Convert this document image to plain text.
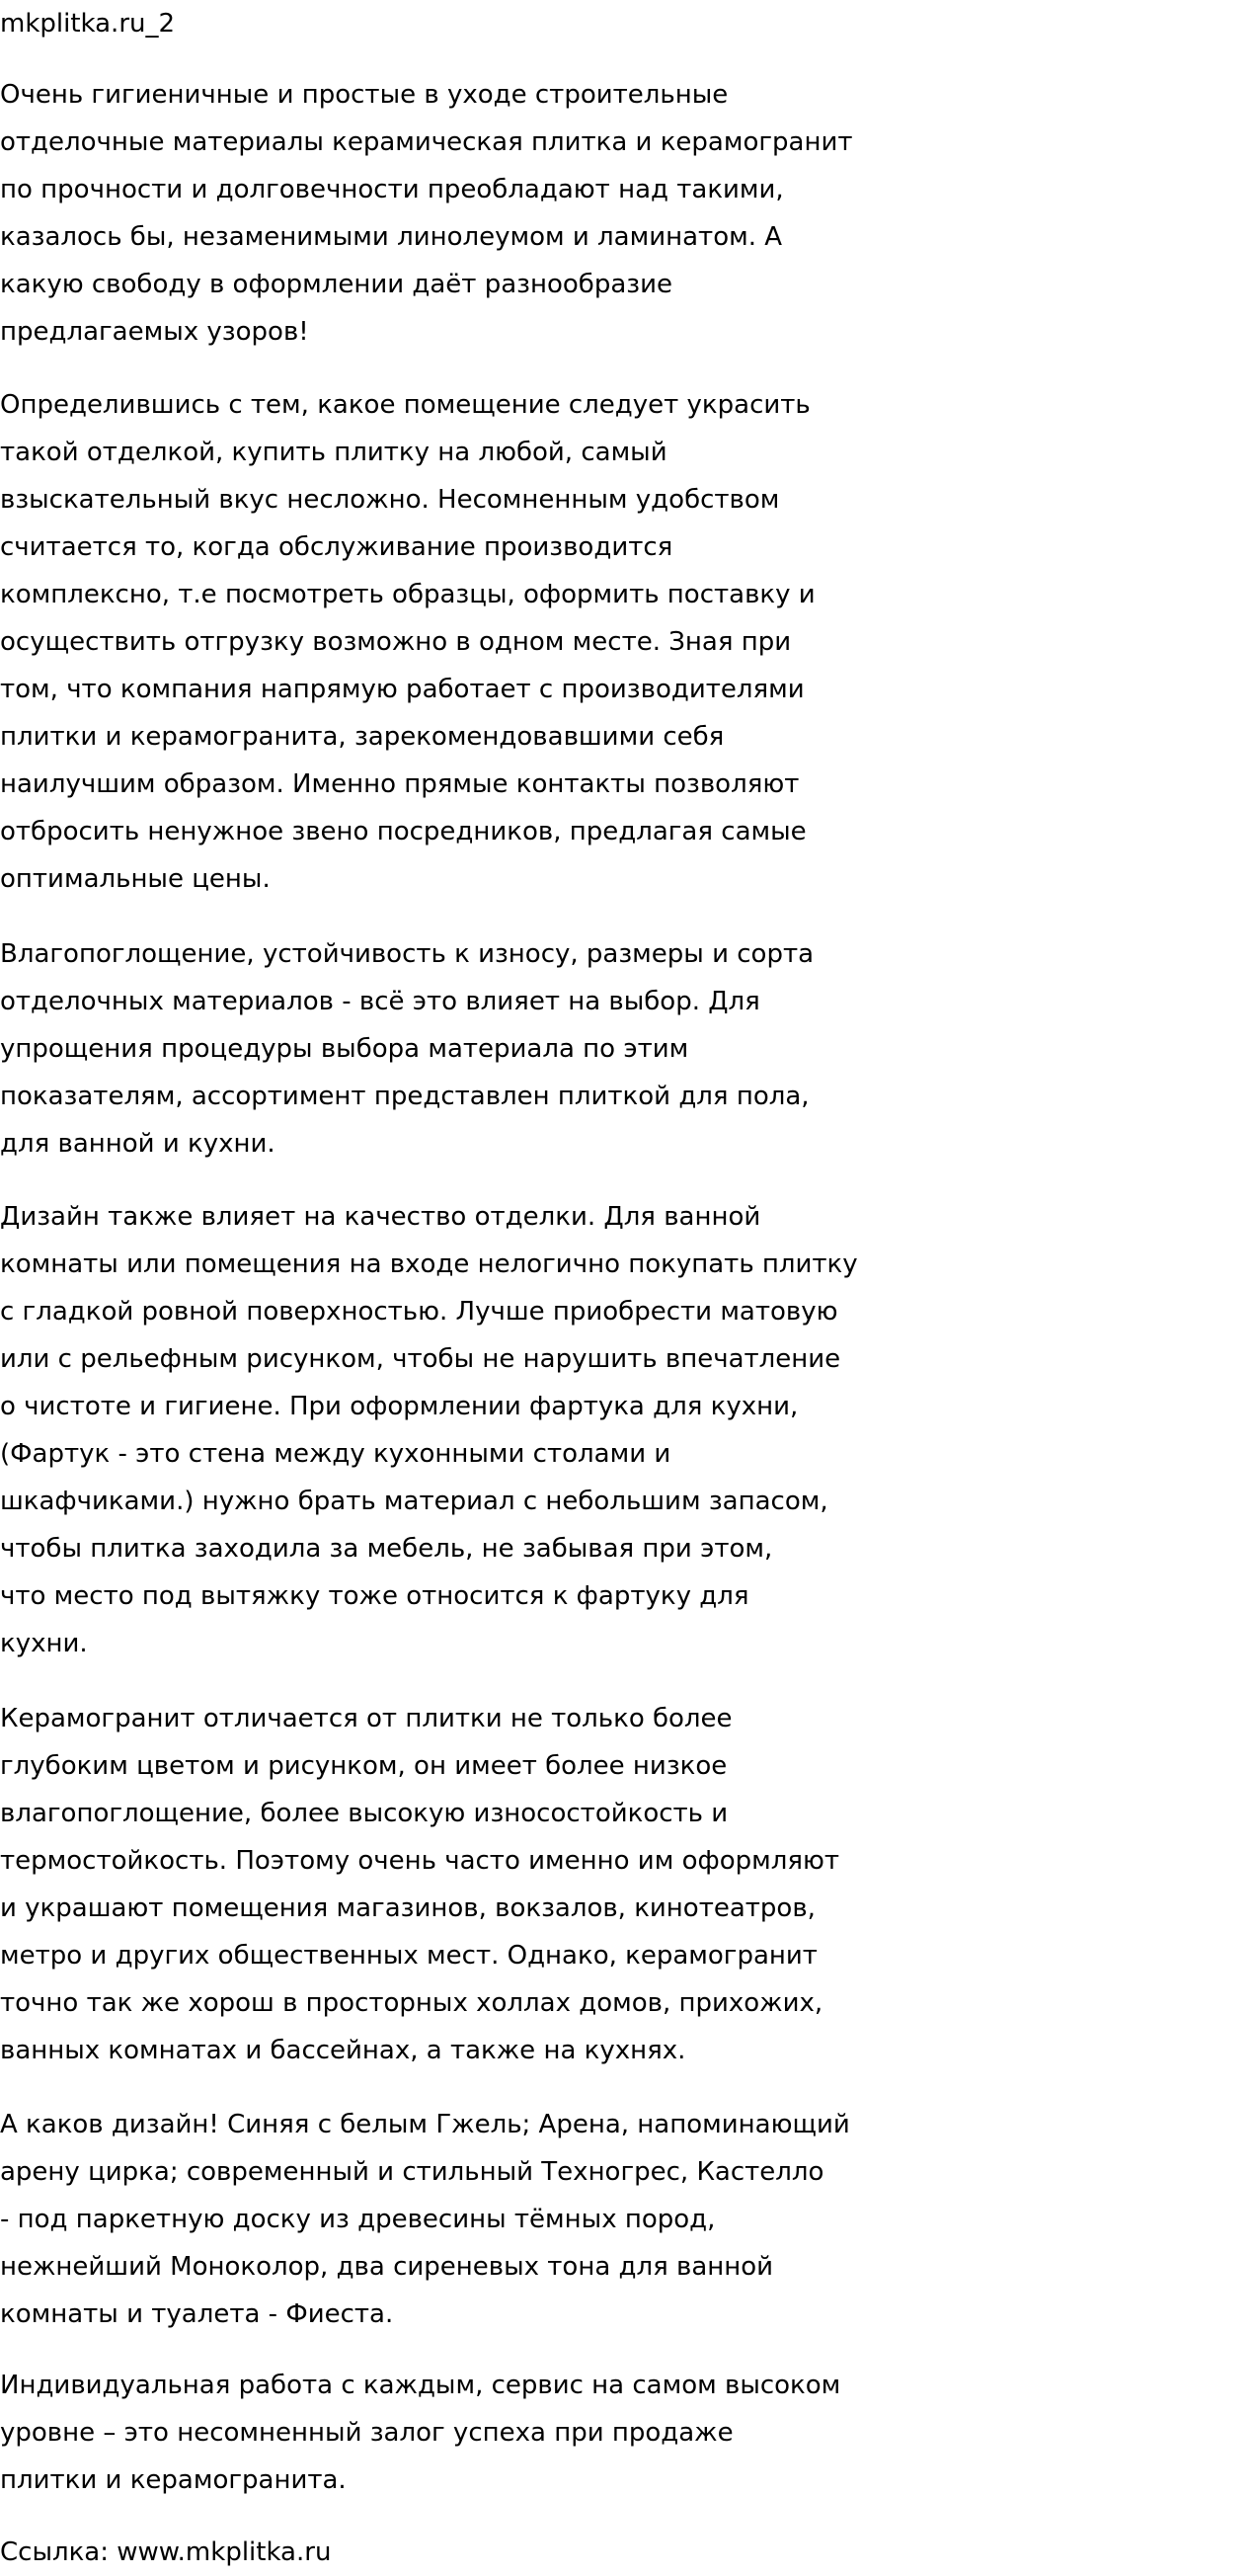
mkplitka.ru_2
Очень гигиеничные и простые в уходе строительные
отделочные материалы керамическая плитка и керамогранит
по прочности и долговечности преобладают над такими,
казалось бы, незаменимыми линолеумом и ламинатом. А
какую свободу в оформлении даёт разнообразие
предлагаемых узоров!
Определившись с тем, какое помещение следует украсить
такой отделкой, купить плитку на любой, самый
взыскательный вкус несложно. Несомненным удобством
считается то, когда обслуживание производится
комплексно, т.е посмотреть образцы, оформить поставку и
осуществить отгрузку возможно в одном месте. Зная при
том, что компания напрямую работает с производителями
плитки и керамогранита, зарекомендовавшими себя
наилучшим образом. Именно прямые контакты позволяют
отбросить ненужное звено посредников, предлагая самые
оптимальные цены.
Влагопоглощение, устойчивость к износу, размеры и сорта
отделочных материалов - всё это влияет на выбор. Для
упрощения процедуры выбора материала по этим
показателям, ассортимент представлен плиткой для пола,
для ванной и кухни.
Дизайн также влияет на качество отделки. Для ванной
комнаты или помещения на входе нелогично покупать плитку
с гладкой ровной поверхностью. Лучше приобрести матовую
или с рельефным рисунком, чтобы не нарушить впечатление
о чистоте и гигиене. При оформлении фартука для кухни,
(Фартук - это стена между кухонными столами и
шкафчиками.) нужно брать материал с небольшим запасом,
чтобы плитка заходила за мебель, не забывая при этом,
что место под вытяжку тоже относится к фартуку для
кухни.
Керамогранит отличается от плитки не только более
глубоким цветом и рисунком, он имеет более низкое
влагопоглощение, более высокую износостойкость и
термостойкость. Поэтому очень часто именно им оформляют
и украшают помещения магазинов, вокзалов, кинотеатров,
метро и других общественных мест. Однако, керамогранит
точно так же хорош в просторных холлах домов, прихожих,
ванных комнатах и бассейнах, а также на кухнях.
А каков дизайн! Синяя с белым Гжель; Арена, напоминающий
арену цирка; современный и стильный Техногрес, Кастелло
- под паркетную доску из древесины тёмных пород,
нежнейший Моноколор, два сиреневых тона для ванной
комнаты и туалета - Фиеста.
Индивидуальная работа с каждым, сервис на самом высоком
уровне – это несомненный залог успеха при продаже
плитки и керамогранита.
Ссылка: www.mkplitka.ru
